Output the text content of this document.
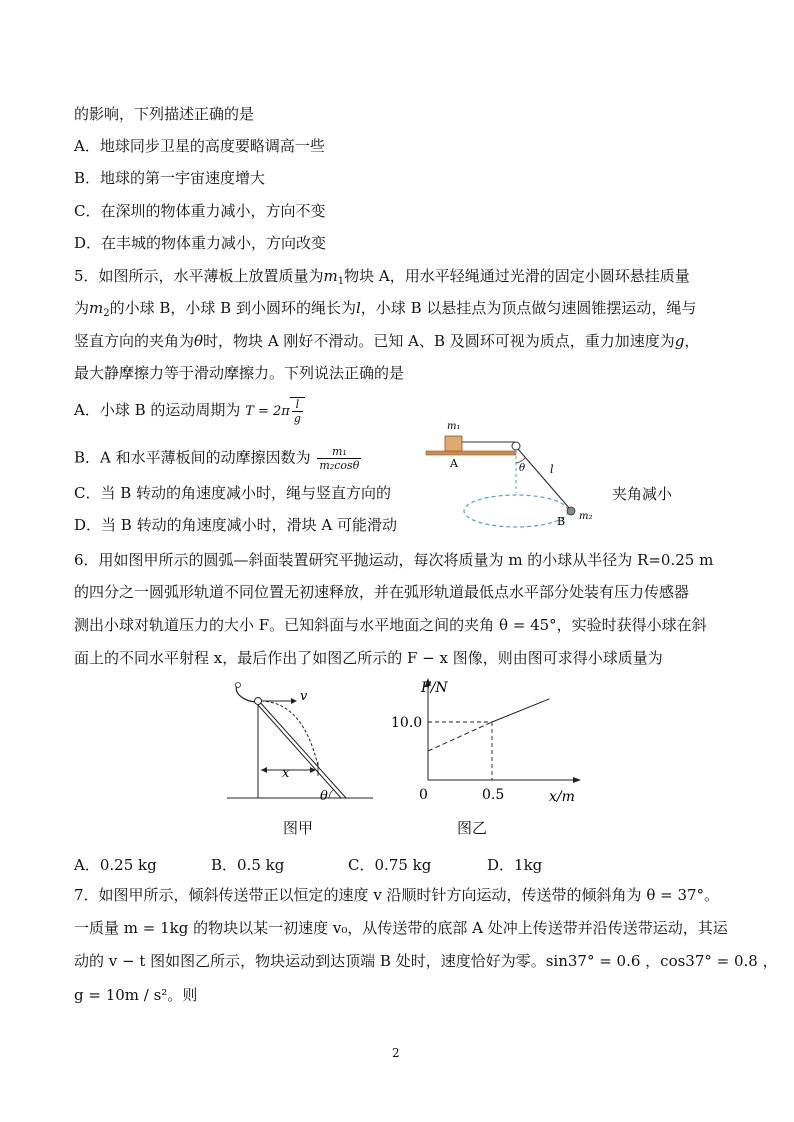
的影响，下列描述正确的是
A．地球同步卫星的高度要略调高一些
B．地球的第一宇宙速度增大
C．在深圳的物体重力减小，方向不变
D．在丰城的物体重力减小，方向改变
5．如图所示，水平薄板上放置质量为$m_1$物块 A，用水平轻绳通过光滑的固定小圆环悬挂质量
为$m_2$的小球 B，小球 B 到小圆环的绳长为l，小球 B 以悬挂点为顶点做匀速圆锥摆运动，绳与
竖直方向的夹角为θ时，物块 A 刚好不滑动。已知 A、B 及圆环可视为质点，重力加速度为g，
最大静摩擦力等于滑动摩擦力。下列说法正确的是
A．小球 B 的运动周期为 $T = 2\pi \frac{l}{g}$
B．A 和水平薄板间的动摩擦因数为 $\frac{\text{m₁}}{\text{m₂cosθ}}$
C．当 B 转动的角速度减小时，绳与竖直方向的	夹角减小
D．当 B 转动的角速度减小时，滑块 A 可能滑动
m₁
A	θ l
B m₂
6．用如图甲所示的圆弧—斜面装置研究平抛运动，每次将质量为 m 的小球从半径为 R=0.25 m
的四分之一圆弧形轨道不同位置无初速释放，并在弧形轨道最低点水平部分处装有压力传感器
测出小球对轨道压力的大小 F。已知斜面与水平地面之间的夹角 θ = 45°，实验时获得小球在斜
面上的不同水平射程 x，最后作出了如图乙所示的 F − x 图像，则由图可求得小球质量为
v
x
θ
图甲
F/N
10.0
0.5
0	x/m
图乙
A．0.25 kg	B．0.5 kg	C．0.75 kg	D．1kg
7．如图甲所示，倾斜传送带正以恒定的速度 v 沿顺时针方向运动，传送带的倾斜角为 θ = 37°。
一质量 m = 1kg 的物块以某一初速度 v₀，从传送带的底部 A 处冲上传送带并沿传送带运动，其运
动的 v − t 图如图乙所示，物块运动到达顶端 B 处时，速度恰好为零。sin37° = 0.6 ，cos37° = 0.8 ，
g = 10m / s²。则
2
